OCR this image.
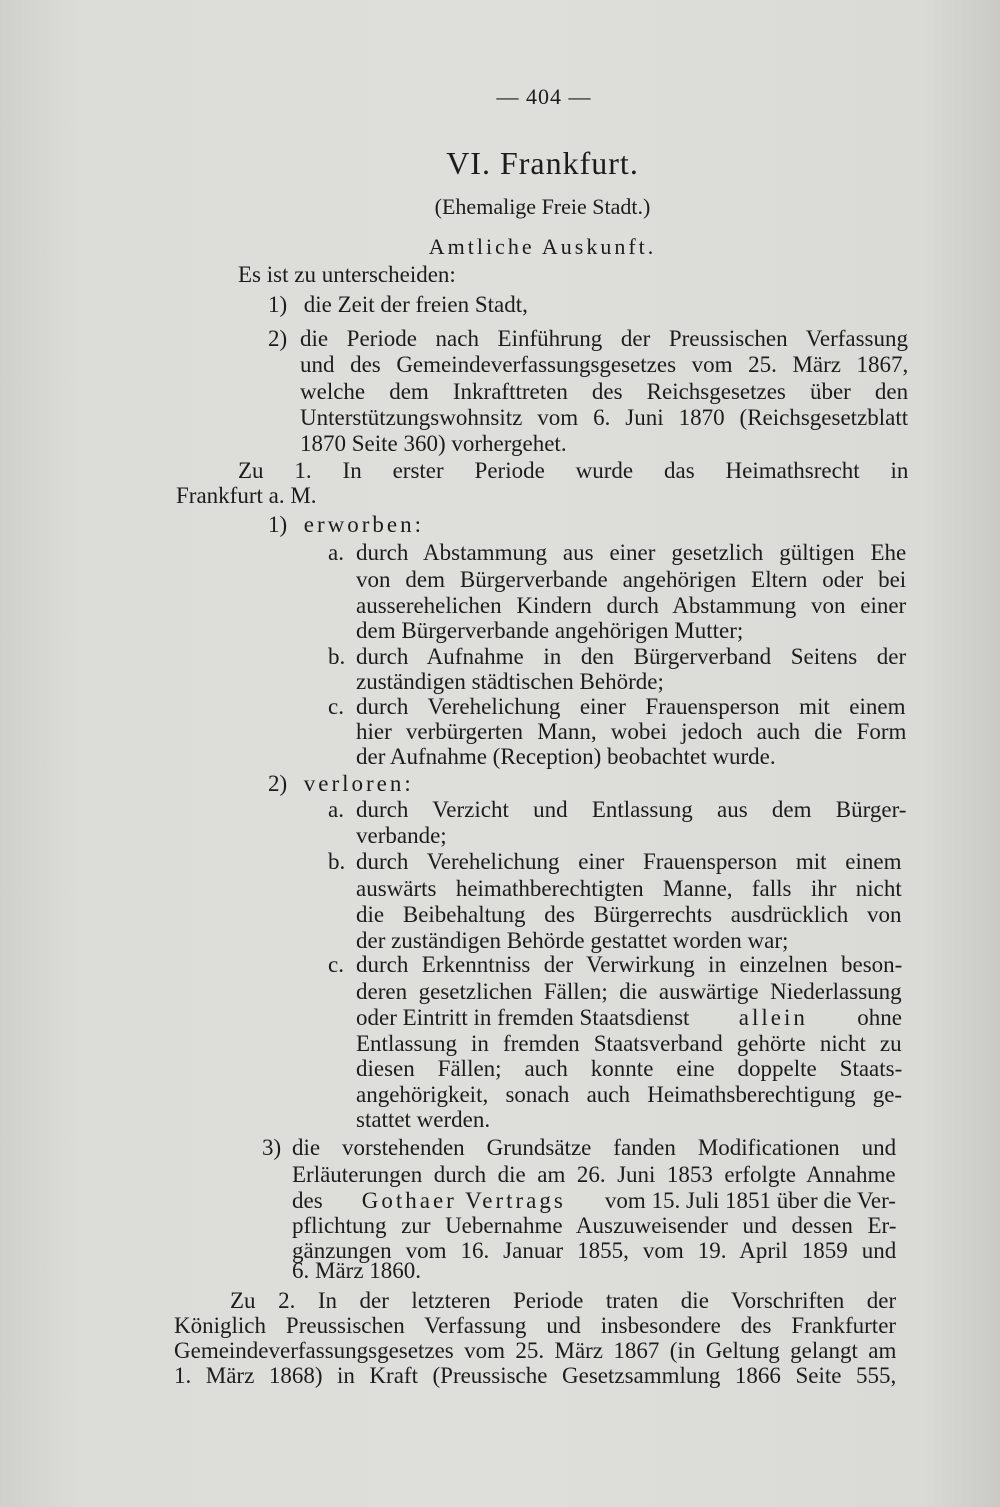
— 404 —
VI. Frankfurt.
(Ehemalige Freie Stadt.)
Amtliche Auskunft.
Es ist zu unterscheiden:
1) die Zeit der freien Stadt,
2) die Periode nach Einführung der Preussischen Verfassung
und des Gemeindeverfassungsgesetzes vom 25. März 1867,
welche dem Inkrafttreten des Reichsgesetzes über den
Unterstützungswohnsitz vom 6. Juni 1870 (Reichsgesetzblatt
1870 Seite 360) vorhergehet.
Zu 1. In erster Periode wurde das Heimathsrecht in
Frankfurt a. M.
1) erworben:
a. durch Abstammung aus einer gesetzlich gültigen Ehe
von dem Bürgerverbande angehörigen Eltern oder bei
ausserehelichen Kindern durch Abstammung von einer
dem Bürgerverbande angehörigen Mutter;
b. durch Aufnahme in den Bürgerverband Seitens der
zuständigen städtischen Behörde;
c. durch Verehelichung einer Frauensperson mit einem
hier verbürgerten Mann, wobei jedoch auch die Form
der Aufnahme (Reception) beobachtet wurde.
2) verloren:
a. durch Verzicht und Entlassung aus dem Bürger-
verbande;
b. durch Verehelichung einer Frauensperson mit einem
auswärts heimathberechtigten Manne, falls ihr nicht
die Beibehaltung des Bürgerrechts ausdrücklich von
der zuständigen Behörde gestattet worden war;
c. durch Erkenntniss der Verwirkung in einzelnen beson-
deren gesetzlichen Fällen; die auswärtige Niederlassung
oder Eintritt in fremden Staatsdienst allein ohne
Entlassung in fremden Staatsverband gehörte nicht zu
diesen Fällen; auch konnte eine doppelte Staats-
angehörigkeit, sonach auch Heimathsberechtigung ge-
stattet werden.
3) die vorstehenden Grundsätze fanden Modificationen und
Erläuterungen durch die am 26. Juni 1853 erfolgte Annahme
des Gothaer Vertrags vom 15. Juli 1851 über die Ver-
pflichtung zur Uebernahme Auszuweisender und dessen Er-
gänzungen vom 16. Januar 1855, vom 19. April 1859 und
6. März 1860.
Zu 2. In der letzteren Periode traten die Vorschriften der
Königlich Preussischen Verfassung und insbesondere des Frankfurter
Gemeindeverfassungsgesetzes vom 25. März 1867 (in Geltung gelangt am
1. März 1868) in Kraft (Preussische Gesetzsammlung 1866 Seite 555,
